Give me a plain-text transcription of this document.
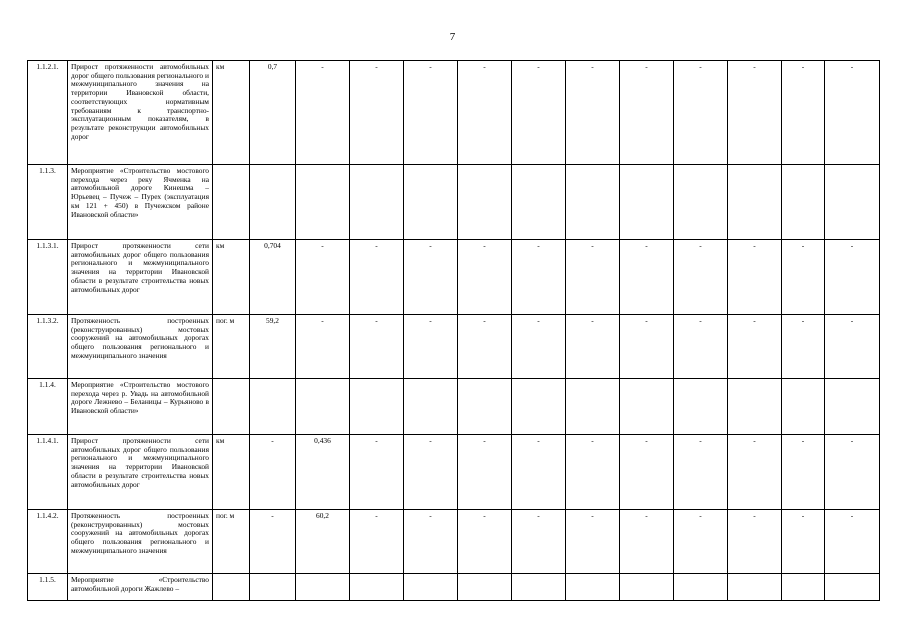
7
1.1.2.1.	Прирост протяженности автомобильных дорог общего пользования регионального и межмуниципального значения на территории Ивановской области, соответствующих нормативным требованиям к транспортно-эксплуатационным показателям, в результате реконструкции автомобильных дорог	км	0,7	-	-	-	-	-	-	-	-	-	-	-	
1.1.3.	Мероприятие «Строительство мостового перехода через реку Ячменка на автомобильной дороге Кинешма – Юрьевец – Пучеж – Пурех (эксплуатация км 121 + 450) в Пучежском районе Ивановской области»														
1.1.3.1.	Прирост протяженности сети автомобильных дорог общего пользования регионального и межмуниципального значения на территории Ивановской области в результате строительства новых автомобильных дорог	км	0,704	-	-	-	-	-	-	-	-	-	-	-	
1.1.3.2.	Протяженность построенных (реконструированных) мостовых сооружений на автомобильных дорогах общего пользования регионального и межмуниципального значения	пог. м	59,2	-	-	-	-	-	-	-	-	-	-	-	
1.1.4.	Мероприятие «Строительство мостового перехода через р. Увадь на автомобильной дороге Лежнево – Беланицы – Курьяново в Ивановской области»														
1.1.4.1.	Прирост протяженности сети автомобильных дорог общего пользования регионального и межмуниципального значения на территории Ивановской области в результате строительства новых автомобильных дорог	км	-	0,436	-	-	-	-	-	-	-	-	-	-	
1.1.4.2.	Протяженность построенных (реконструированных) мостовых сооружений на автомобильных дорогах общего пользования регионального и межмуниципального значения	пог. м	-	60,2	-	-	-	-	-	-	-	-	-	-	
1.1.5.	Мероприятие «Строительство автомобильной дороги Жажлево –														
